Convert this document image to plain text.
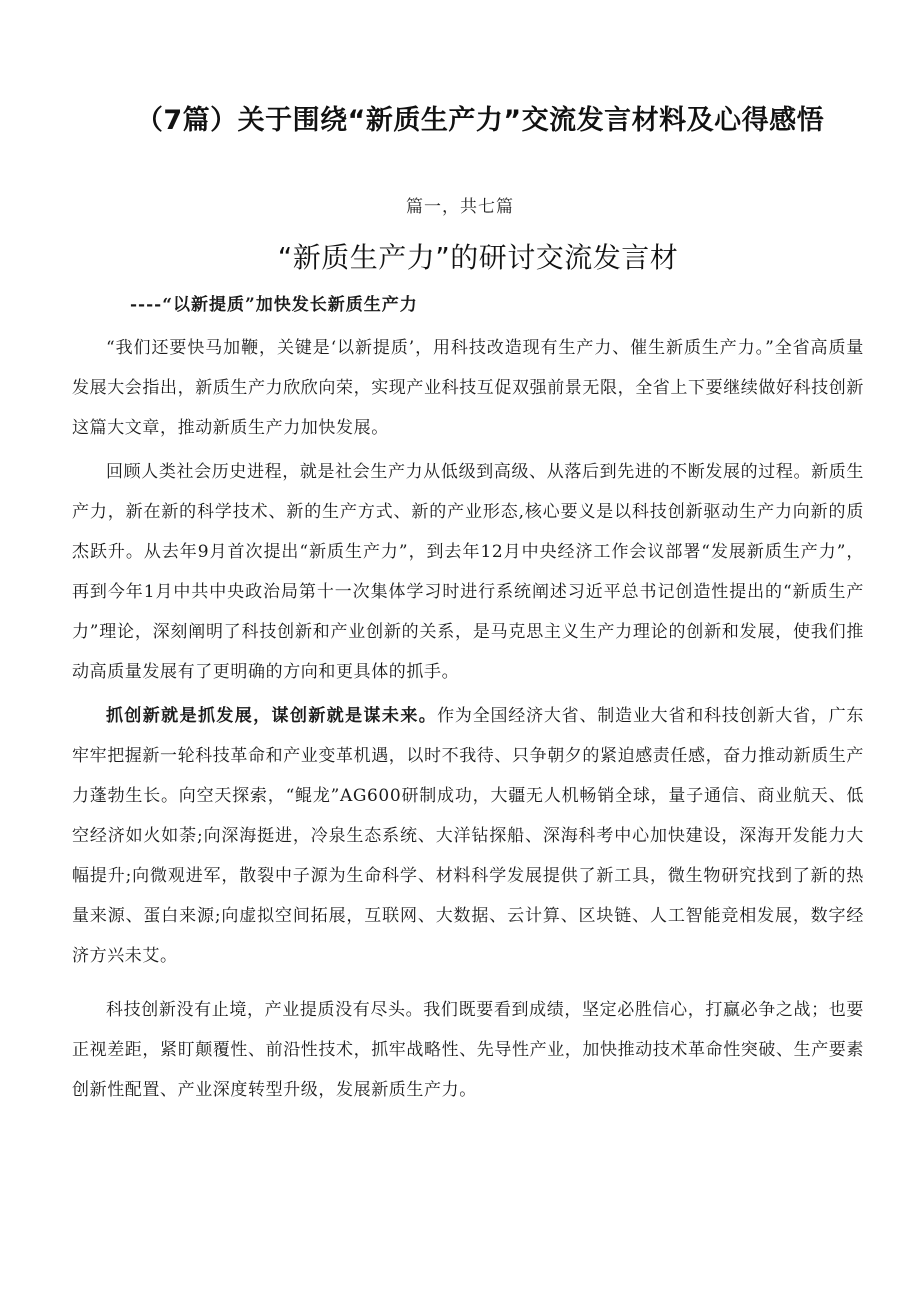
（7篇）关于围绕“新质生产力”交流发言材料及心得感悟
篇一，共七篇
“新质生产力”的研讨交流发言材
----“以新提质”加快发长新质生产力

“我们还要快马加鞭，关键是‘以新提质’，用科技改造现有生产力、催生新质生产力。”全省高质量发展大会指出，新质生产力欣欣向荣，实现产业科技互促双强前景无限，全省上下要继续做好科技创新这篇大文章，推动新质生产力加快发展。

回顾人类社会历史进程，就是社会生产力从低级到高级、从落后到先进的不断发展的过程。新质生产力，新在新的科学技术、新的生产方式、新的产业形态,核心要义是以科技创新驱动生产力向新的质杰跃升。从去年9月首次提出“新质生产力”，到去年12月中央经济工作会议部署“发展新质生产力”，再到今年1月中共中央政治局第十一次集体学习时进行系统阐述习近平总书记创造性提出的“新质生产力”理论，深刻阐明了科技创新和产业创新的关系，是马克思主义生产力理论的创新和发展，使我们推动高质量发展有了更明确的方向和更具体的抓手。

抓创新就是抓发展，谋创新就是谋未来。作为全国经济大省、制造业大省和科技创新大省，广东牢牢把握新一轮科技革命和产业变革机遇，以时不我待、只争朝夕的紧迫感责任感，奋力推动新质生产力蓬勃生长。向空天探索，“鲲龙”AG600研制成功，大疆无人机畅销全球，量子通信、商业航天、低空经济如火如荼;向深海挺进，冷泉生态系统、大洋钻探船、深海科考中心加快建设，深海开发能力大幅提升;向微观进军，散裂中子源为生命科学、材料科学发展提供了新工具，微生物研究找到了新的热量来源、蛋白来源;向虚拟空间拓展，互联网、大数据、云计算、区块链、人工智能竞相发展，数字经济方兴未艾。

科技创新没有止境，产业提质没有尽头。我们既要看到成绩，坚定必胜信心，打赢必争之战；也要正视差距，紧盯颠覆性、前沿性技术，抓牢战略性、先导性产业，加快推动技术革命性突破、生产要素创新性配置、产业深度转型升级，发展新质生产力。
